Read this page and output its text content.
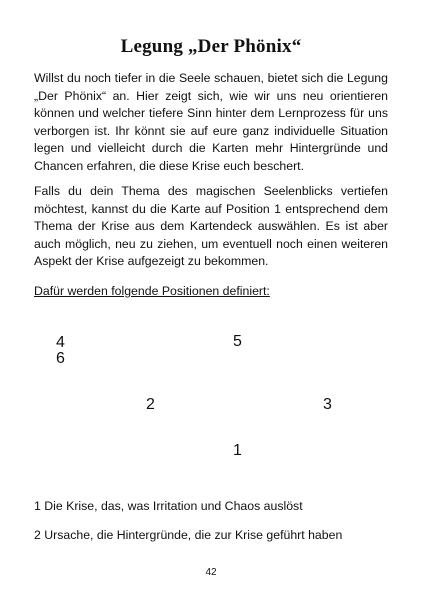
Legung „Der Phönix“

Willst du noch tiefer in die Seele schauen, bietet sich die Legung „Der Phönix“ an. Hier zeigt sich, wie wir uns neu orientieren können und welcher tiefere Sinn hinter dem Lernprozess für uns verborgen ist. Ihr könnt sie auf eure ganz individuelle Situation legen und vielleicht durch die Karten mehr Hintergründe und Chancen erfahren, die diese Krise euch beschert.

Falls du dein Thema des magischen Seelenblicks vertiefen möchtest, kannst du die Karte auf Position 1 entsprechend dem Thema der Krise aus dem Kartendeck auswählen. Es ist aber auch möglich, neu zu ziehen, um eventuell noch einen weiteren Aspekt der Krise aufgezeigt zu bekommen.

Dafür werden folgende Positionen definiert:
4
6
5
2	3
1
1 Die Krise, das, was Irritation und Chaos auslöst
2 Ursache, die Hintergründe, die zur Krise geführt haben
42
